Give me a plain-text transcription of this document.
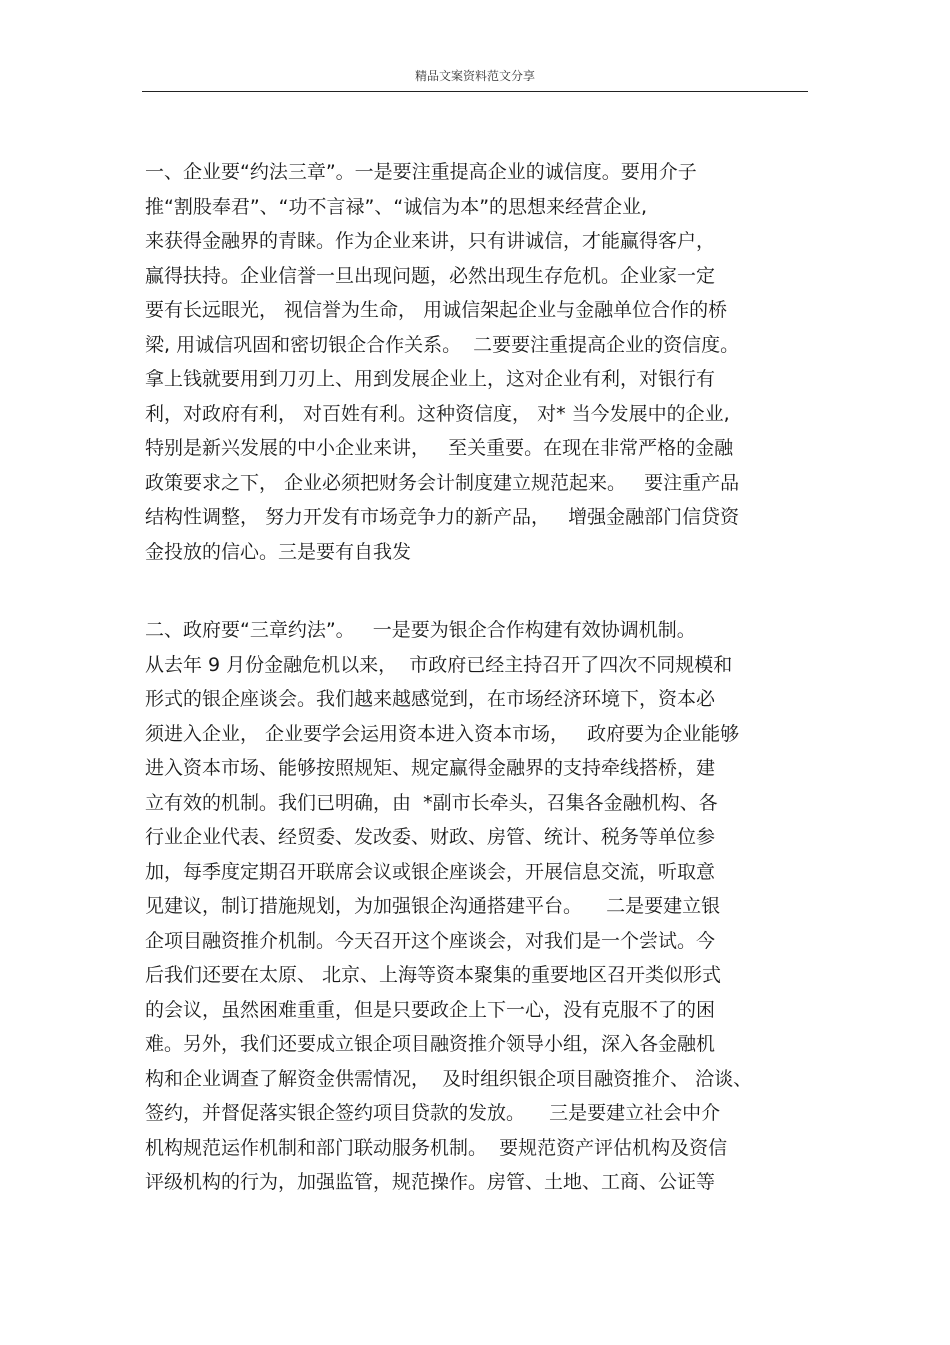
精品文案资料范文分享
一、企业要“约法三章”。一是要注重提高企业的诚信度。要用介子
推“割股奉君”、“功不言禄”、“诚信为本”的思想来经营企业,
来获得金融界的青睐。作为企业来讲，只有讲诚信，才能赢得客户，
赢得扶持。企业信誉一旦出现问题，必然出现生存危机。企业家一定
要有长远眼光， 视信誉为生命， 用诚信架起企业与金融单位合作的桥
梁, 用诚信巩固和密切银企合作关系。  二要要注重提高企业的资信度。
拿上钱就要用到刀刃上、用到发展企业上，这对企业有利，对银行有
利，对政府有利， 对百姓有利。这种资信度， 对* 当今发展中的企业,
特别是新兴发展的中小企业来讲，   至关重要。在现在非常严格的金融
政策要求之下， 企业必须把财务会计制度建立规范起来。   要注重产品
结构性调整， 努力开发有市场竞争力的新产品，   增强金融部门信贷资
金投放的信心。三是要有自我发
二、政府要“三章约法”。   一是要为银企合作构建有效协调机制。
从去年 9 月份金融危机以来，  市政府已经主持召开了四次不同规模和
形式的银企座谈会。我们越来越感觉到，在市场经济环境下，资本必
须进入企业， 企业要学会运用资本进入资本市场，   政府要为企业能够
进入资本市场、能够按照规矩、规定赢得金融界的支持牵线搭桥，建
立有效的机制。我们已明确，由  *副市长牵头，召集各金融机构、各
行业企业代表、经贸委、发改委、财政、房管、统计、税务等单位参
加，每季度定期召开联席会议或银企座谈会，开展信息交流，听取意
见建议，制订措施规划，为加强银企沟通搭建平台。    二是要建立银
企项目融资推介机制。今天召开这个座谈会，对我们是一个尝试。今
后我们还要在太原、 北京、上海等资本聚集的重要地区召开类似形式
的会议，虽然困难重重，但是只要政企上下一心，没有克服不了的困
难。另外，我们还要成立银企项目融资推介领导小组，深入各金融机
构和企业调查了解资金供需情况，  及时组织银企项目融资推介、 洽谈、
签约，并督促落实银企签约项目贷款的发放。    三是要建立社会中介
机构规范运作机制和部门联动服务机制。  要规范资产评估机构及资信
评级机构的行为，加强监管，规范操作。房管、土地、工商、公证等
